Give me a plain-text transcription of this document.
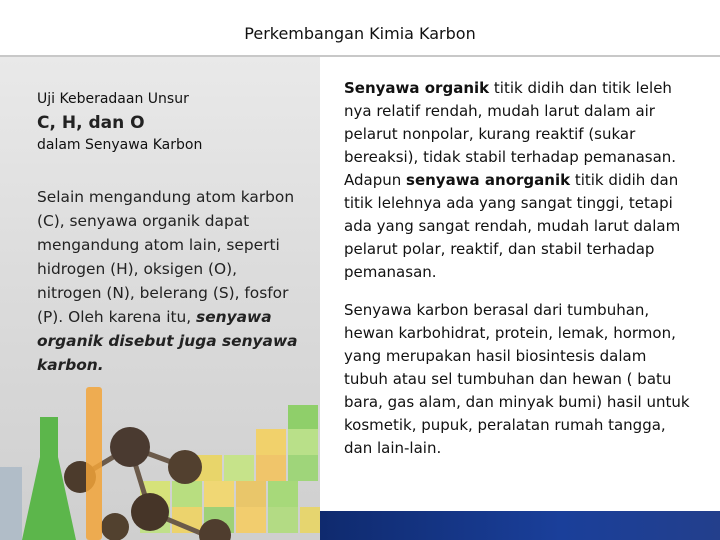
Perkembangan Kimia Karbon
Uji Keberadaan Unsur
C, H, dan O
dalam Senyawa Karbon
Selain mengandung atom karbon (C), senyawa organik dapat mengandung atom lain, seperti hidrogen (H), oksigen (O), nitrogen (N), belerang (S), fosfor (P). Oleh karena itu, senyawa organik disebut juga senyawa karbon.
Senyawa organik titik didih dan titik leleh nya relatif rendah, mudah larut dalam air pelarut nonpolar, kurang reaktif (sukar bereaksi), tidak stabil terhadap pemanasan. Adapun senyawa anorganik titik didih dan titik lelehnya ada yang sangat tinggi, tetapi ada yang sangat rendah, mudah larut dalam pelarut polar, reaktif, dan stabil terhadap pemanasan.
Senyawa karbon berasal dari tumbuhan, hewan karbohidrat, protein, lemak, hormon, yang merupakan hasil biosintesis dalam tubuh atau sel tumbuhan dan hewan ( batu bara, gas alam, dan minyak bumi) hasil untuk kosmetik, pupuk, peralatan rumah tangga, dan lain-lain.
